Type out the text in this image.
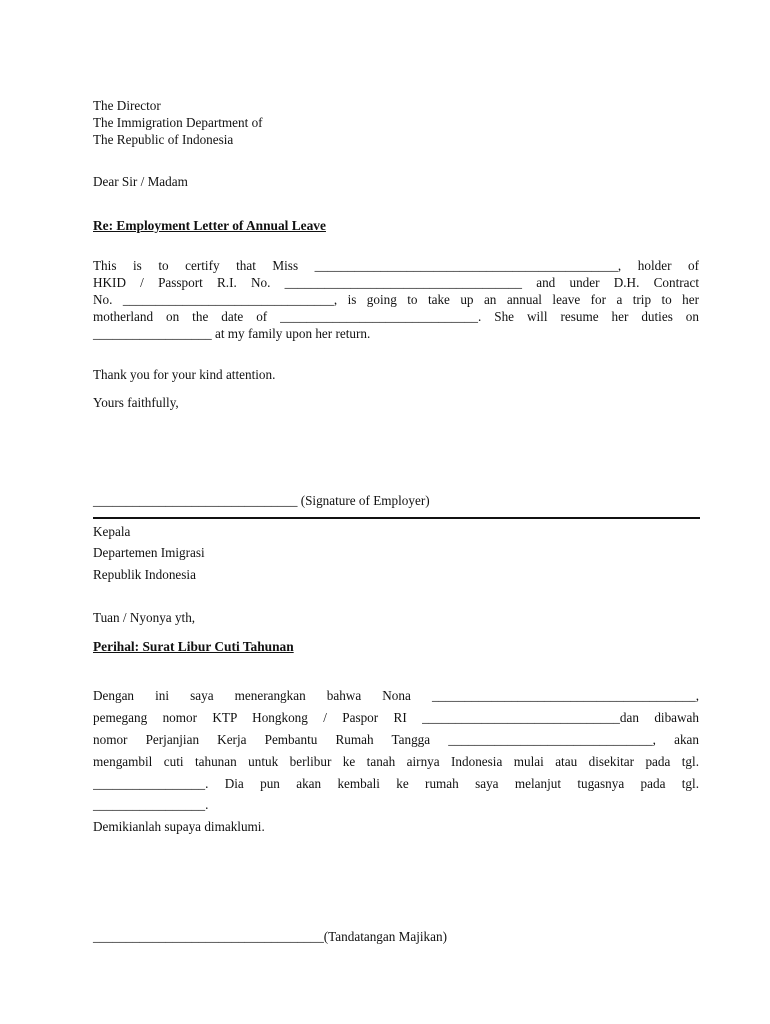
The Director
The Immigration Department of
The Republic of Indonesia
Dear Sir / Madam
Re: Employment Letter of Annual Leave
This is to certify that Miss ______________________________________________, holder of
HKID / Passport R.I. No. ____________________________________ and under D.H. Contract
No. ________________________________, is going to take up an annual leave for a trip to her
motherland on the date of ______________________________. She will resume her duties on
__________________ at my family upon her return.
Thank you for your kind attention.
Yours faithfully,
_______________________________ (Signature of Employer)
Kepala
Departemen Imigrasi
Republik Indonesia
Tuan / Nyonya yth,
Perihal: Surat Libur Cuti Tahunan
Dengan ini saya menerangkan bahwa Nona ________________________________________,
pemegang nomor KTP Hongkong / Paspor RI ______________________________dan dibawah
nomor Perjanjian Kerja Pembantu Rumah Tangga _______________________________, akan
mengambil cuti tahunan untuk berlibur ke tanah airnya Indonesia mulai atau disekitar pada tgl.
_________________. Dia pun akan kembali ke rumah saya melanjut tugasnya pada tgl.
_________________.
Demikianlah supaya dimaklumi.
___________________________________(Tandatangan Majikan)
